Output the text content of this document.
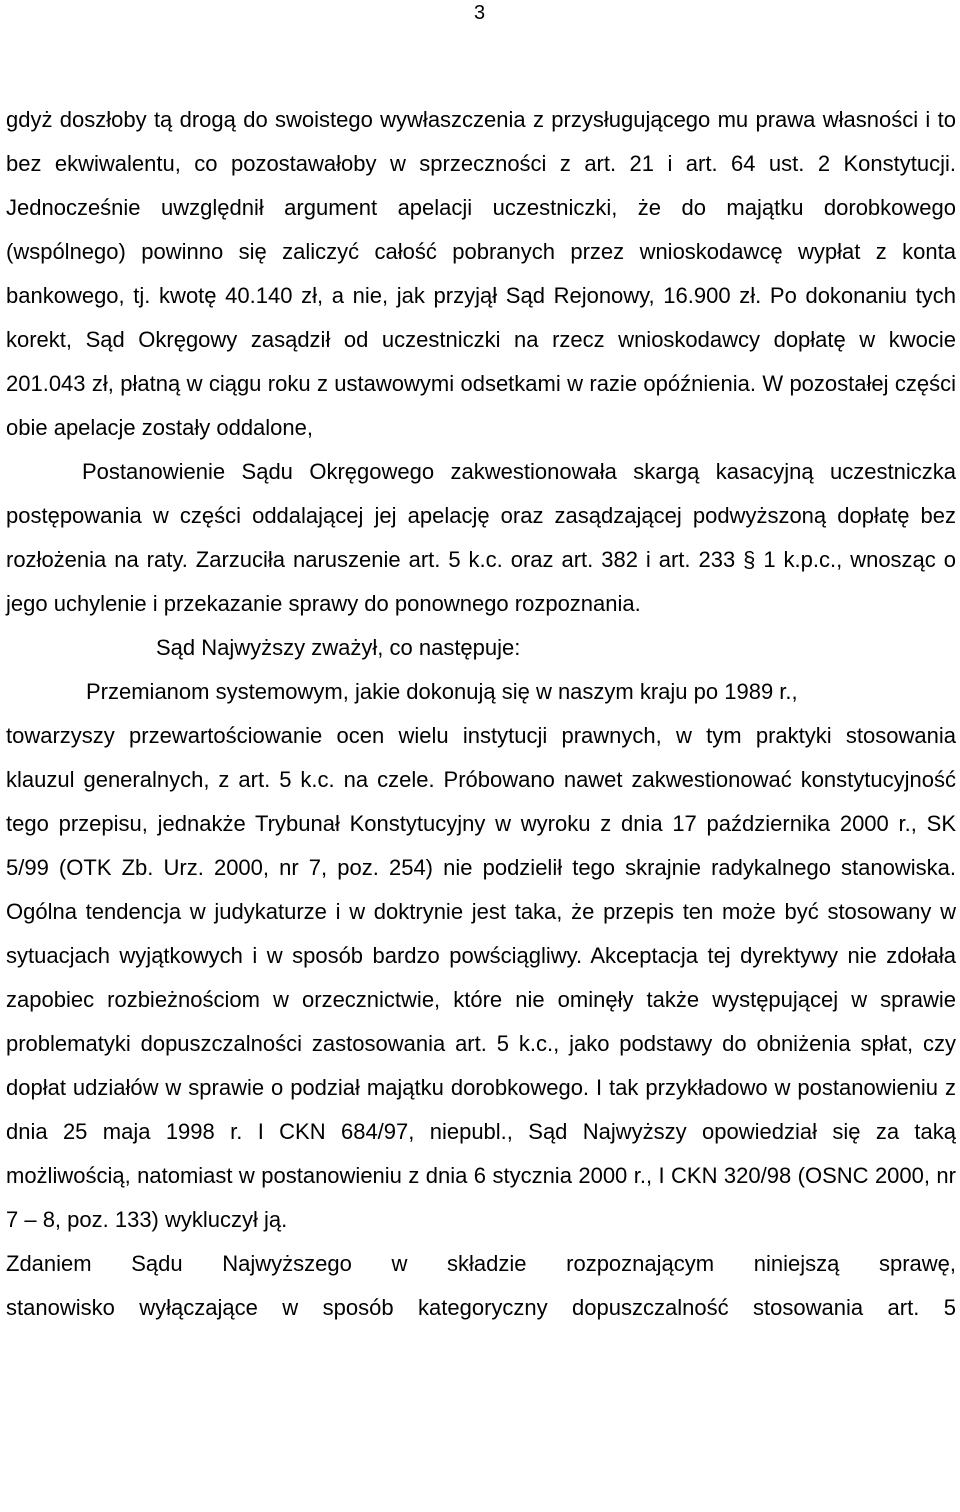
3

gdyż doszłoby tą drogą do swoistego wywłaszczenia z przysługującego mu prawa własności i to bez ekwiwalentu, co pozostawałoby w sprzeczności z art. 21 i art. 64 ust. 2 Konstytucji. Jednocześnie uwzględnił argument apelacji uczestniczki, że do majątku dorobkowego (wspólnego) powinno się zaliczyć całość pobranych przez wnioskodawcę wypłat z konta bankowego, tj. kwotę 40.140 zł, a nie, jak przyjął Sąd Rejonowy, 16.900 zł. Po dokonaniu tych korekt, Sąd Okręgowy zasądził od uczestniczki na rzecz wnioskodawcy dopłatę w kwocie 201.043 zł, płatną w ciągu roku z ustawowymi odsetkami w razie opóźnienia. W pozostałej części obie apelacje zostały oddalone,

Postanowienie Sądu Okręgowego zakwestionowała skargą kasacyjną uczestniczka postępowania w części oddalającej jej apelację oraz zasądzającej podwyższoną dopłatę bez rozłożenia na raty. Zarzuciła naruszenie art. 5 k.c. oraz art. 382 i art. 233 § 1 k.p.c., wnosząc o jego uchylenie i przekazanie sprawy do ponownego rozpoznania.

Sąd Najwyższy zważył, co następuje:

Przemianom systemowym, jakie dokonują się w naszym kraju po 1989 r.,

towarzyszy przewartościowanie ocen wielu instytucji prawnych, w tym praktyki stosowania klauzul generalnych, z art. 5 k.c. na czele. Próbowano nawet zakwestionować konstytucyjność tego przepisu, jednakże Trybunał Konstytucyjny w wyroku z dnia 17 października 2000 r., SK 5/99 (OTK Zb. Urz. 2000, nr 7, poz. 254) nie podzielił tego skrajnie radykalnego stanowiska. Ogólna tendencja w judykaturze i w doktrynie jest taka, że przepis ten może być stosowany w sytuacjach wyjątkowych i w sposób bardzo powściągliwy. Akceptacja tej dyrektywy nie zdołała zapobiec rozbieżnościom w orzecznictwie, które nie ominęły także występującej w sprawie problematyki dopuszczalności zastosowania art. 5 k.c., jako podstawy do obniżenia spłat, czy dopłat udziałów w sprawie o podział majątku dorobkowego. I tak przykładowo w postanowieniu z dnia 25 maja 1998 r. I CKN 684/97, niepubl., Sąd Najwyższy opowiedział się za taką możliwością, natomiast w postanowieniu z dnia 6 stycznia 2000 r., I CKN 320/98 (OSNC 2000, nr 7 – 8, poz. 133) wykluczył ją.

Zdaniem Sądu Najwyższego w składzie rozpoznającym niniejszą sprawę,

stanowisko wyłączające w sposób kategoryczny dopuszczalność stosowania art. 5
